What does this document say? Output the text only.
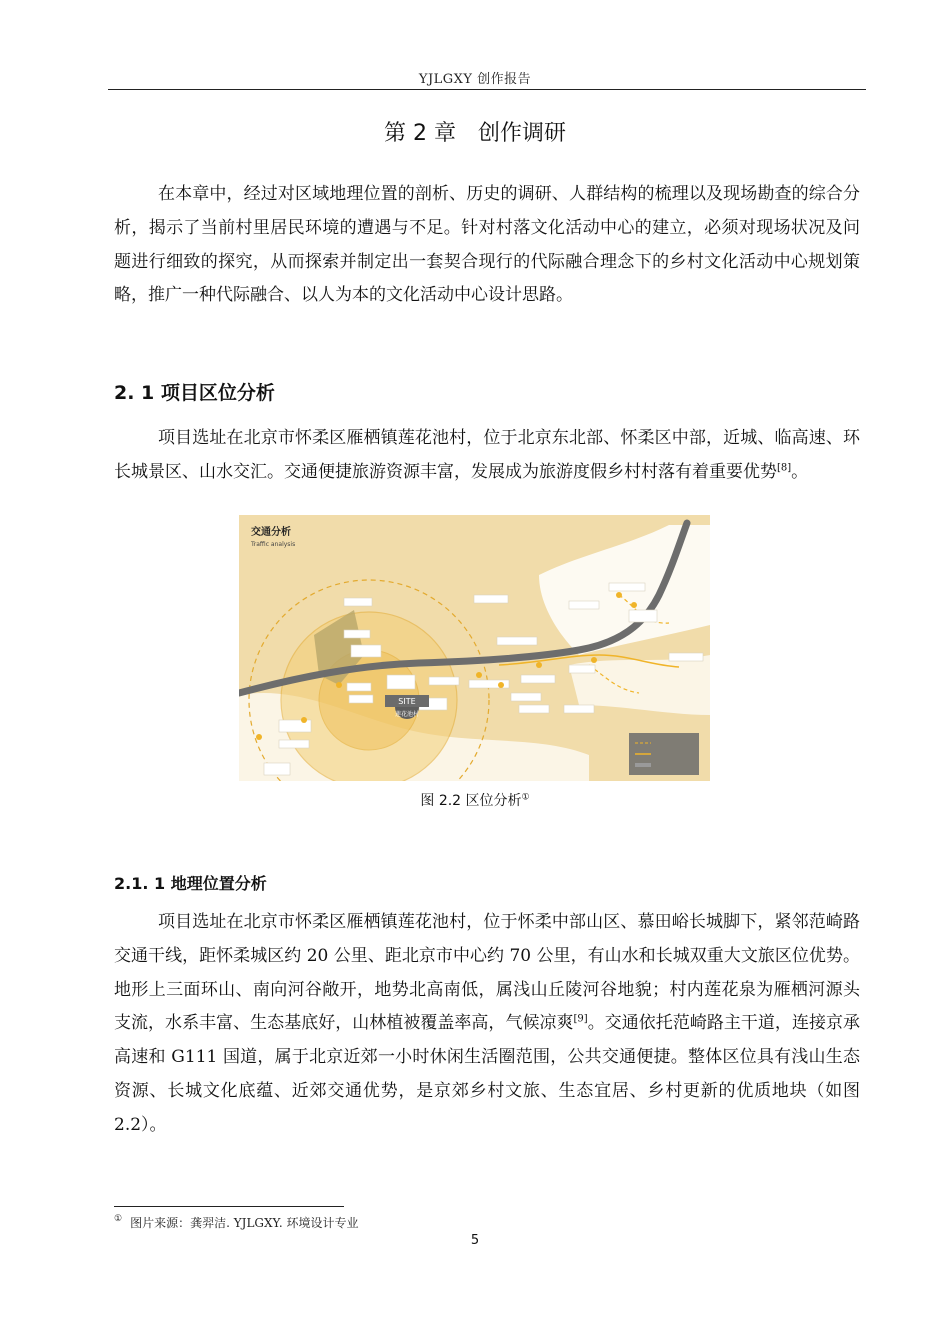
YJLGXY 创作报告
第 2 章　创作调研

在本章中，经过对区域地理位置的剖析、历史的调研、人群结构的梳理以及现场勘查的综合分析，揭示了当前村里居民环境的遭遇与不足。针对村落文化活动中心的建立，必须对现场状况及问题进行细致的探究，从而探索并制定出一套契合现行的代际融合理念下的乡村文化活动中心规划策略，推广一种代际融合、以人为本的文化活动中心设计思路。

2. 1 项目区位分析

项目选址在北京市怀柔区雁栖镇莲花池村，位于北京东北部、怀柔区中部，近城、临高速、环长城景区、山水交汇。交通便捷旅游资源丰富，发展成为旅游度假乡村村落有着重要优势[8]。

SITE
莲花池村
交通分析
Traffic analysis
图 2.2 区位分析①
2.1. 1 地理位置分析

项目选址在北京市怀柔区雁栖镇莲花池村，位于怀柔中部山区、慕田峪长城脚下，紧邻范崎路交通干线，距怀柔城区约 20 公里、距北京市中心约 70 公里，有山水和长城双重大文旅区位优势。地形上三面环山、南向河谷敞开，地势北高南低，属浅山丘陵河谷地貌；村内莲花泉为雁栖河源头支流，水系丰富、生态基底好，山林植被覆盖率高，气候凉爽[9]。交通依托范崎路主干道，连接京承高速和 G111 国道，属于北京近郊一小时休闲生活圈范围，公共交通便捷。整体区位具有浅山生态资源、长城文化底蕴、近郊交通优势，是京郊乡村文旅、生态宜居、乡村更新的优质地块（如图 2.2）。

① 图片来源：龚羿洁. YJLGXY. 环境设计专业
5
